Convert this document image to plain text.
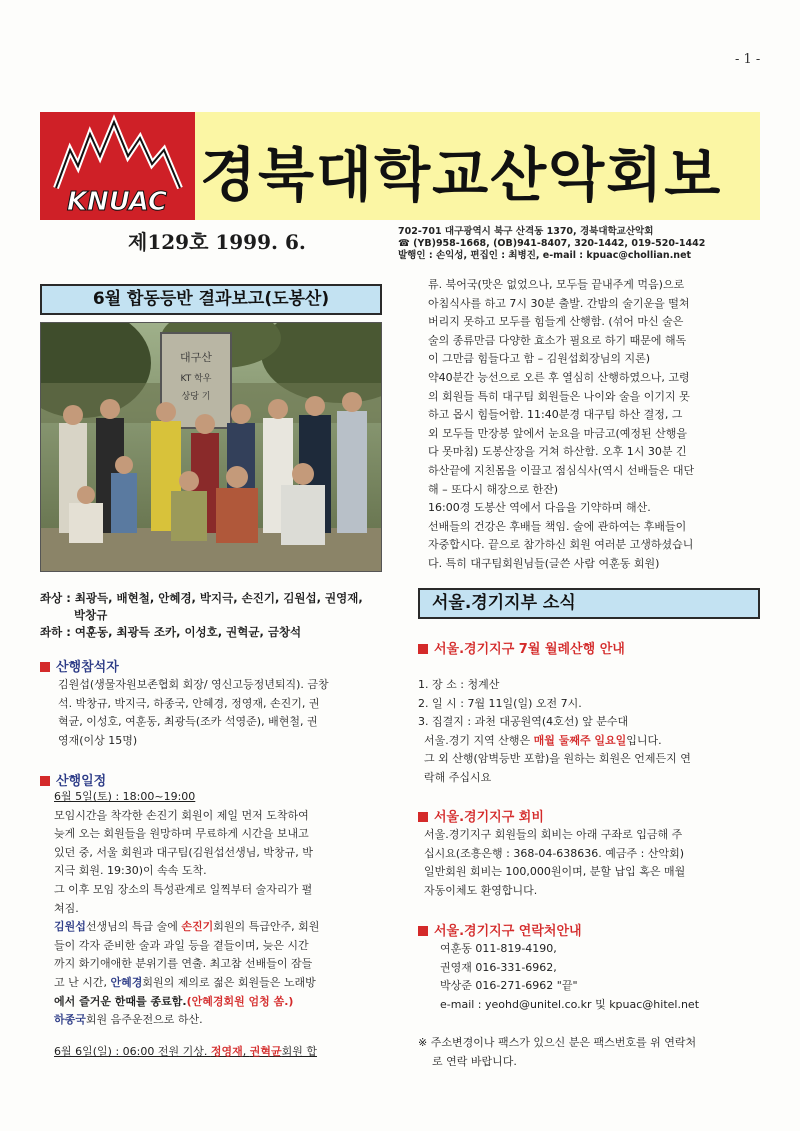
- 1 -
KNUAC 경북대학교산악회보
제129호 1999. 6.	702-701 대구광역시 북구 산격동 1370, 경북대학교산악회
☎ (YB)958-1668, (OB)941-8407, 320-1442, 019-520-1442
발행인 : 손익성, 편집인 : 최병진, e-mail : kpuac@chollian.net
6월 합동등반 결과보고(도봉산)
대구산
KT 학우
상당 기
좌상 : 최광득, 배현철, 안혜경, 박지극, 손진기, 김원섭, 권영재,
박창규
좌하 : 여훈동, 최광득 조카, 이성호, 권혁균, 금창석
산행참석자
김원섭(생물자원보존협회 회장/ 영신고등정년퇴직). 금창
석. 박창규, 박지극, 하종국, 안혜경, 정영재, 손진기, 권
혁균, 이성호, 여훈동, 최광득(조카 석영준), 배현철, 권
영재(이상 15명)
산행일정
6월 5일(토) : 18:00~19:00
모임시간을 착각한 손진기 회원이 제일 먼저 도착하여
늦게 오는 회원들을 원망하며 무료하게 시간을 보내고
있던 중, 서울 회원과 대구팀(김원섭선생님, 박창규, 박
지극 회원. 19:30)이 속속 도착.
그 이후 모임 장소의 특성관계로 일찍부터 술자리가 펼
쳐짐.
김원섭선생님의 특급 술에 손진기회원의 특급안주, 회원
들이 각자 준비한 술과 과일 등을 곁들이며, 늦은 시간
까지 화기애애한 분위기를 연출. 최고참 선배들이 잠들
고 난 시간, 안혜경회원의 제의로 젊은 회원들은 노래방
에서 즐거운 한때를 종료함.(안혜경회원 엄청 쏨.)
하종국회원 음주운전으로 하산.
6월 6일(일) : 06:00 전원 기상. 정영재, 권혁균회원 합
류. 북어국(맛은 없었으나, 모두들 끝내주게 먹음)으로
아침식사를 하고 7시 30분 출발. 간밤의 술기운을 떨쳐
버리지 못하고 모두를 힘들게 산행함. (섞어 마신 술은
술의 종류만큼 다양한 효소가 필요로 하기 때문에 해독
이 그만큼 힘들다고 함 – 김원섭회장님의 지론)
약40분간 능선으로 오른 후 열심히 산행하였으나, 고령
의 회원들 특히 대구팀 회원들은 나이와 술을 이기지 못
하고 몹시 힘들어함. 11:40분경 대구팀 하산 결정, 그
외 모두들 만장봉 앞에서 눈요을 마금고(예정된 산행을
다 못마침) 도봉산장을 거쳐 하산함. 오후 1시 30분 긴
하산끝에 지친몸을 이끌고 점심식사(역시 선배들은 대단
해 – 또다시 해장으로 한잔)
16:00경 도봉산 역에서 다음을 기약하며 해산.
선배들의 건강은 후배들 책임. 술에 관하여는 후배들이
자중합시다. 끝으로 참가하신 회원 여러분 고생하셨습니
다. 특히 대구팀회원님들(글쓴 사람 여훈동 회원)
서울.경기지부 소식
서울.경기지구 7월 월례산행 안내
1. 장 소 : 청계산
2. 일 시 : 7월 11일(일) 오전 7시.
3. 집결지 : 과천 대공원역(4호선) 앞 분수대
서울.경기 지역 산행은 매월 둘째주 일요일입니다.
그 외 산행(암벽등반 포함)을 원하는 회원은 언제든지 연
락해 주십시요
서울.경기지구 회비
서울.경기지구 회원들의 회비는 아래 구좌로 입금해 주
십시요(조흥은행 : 368-04-638636. 예금주 : 산악회)
일반회원 회비는 100,000원이며, 분할 납입 혹은 매월
자동이체도 환영합니다.
서울.경기지구 연락처안내
여훈동 011-819-4190,
권영재 016-331-6962,
박상준 016-271-6962 "끝"
e-mail : yeohd@unitel.co.kr 및 kpuac@hitel.net
※ 주소변경이나 팩스가 있으신 분은 팩스번호를 위 연락처
로 연락 바랍니다.
